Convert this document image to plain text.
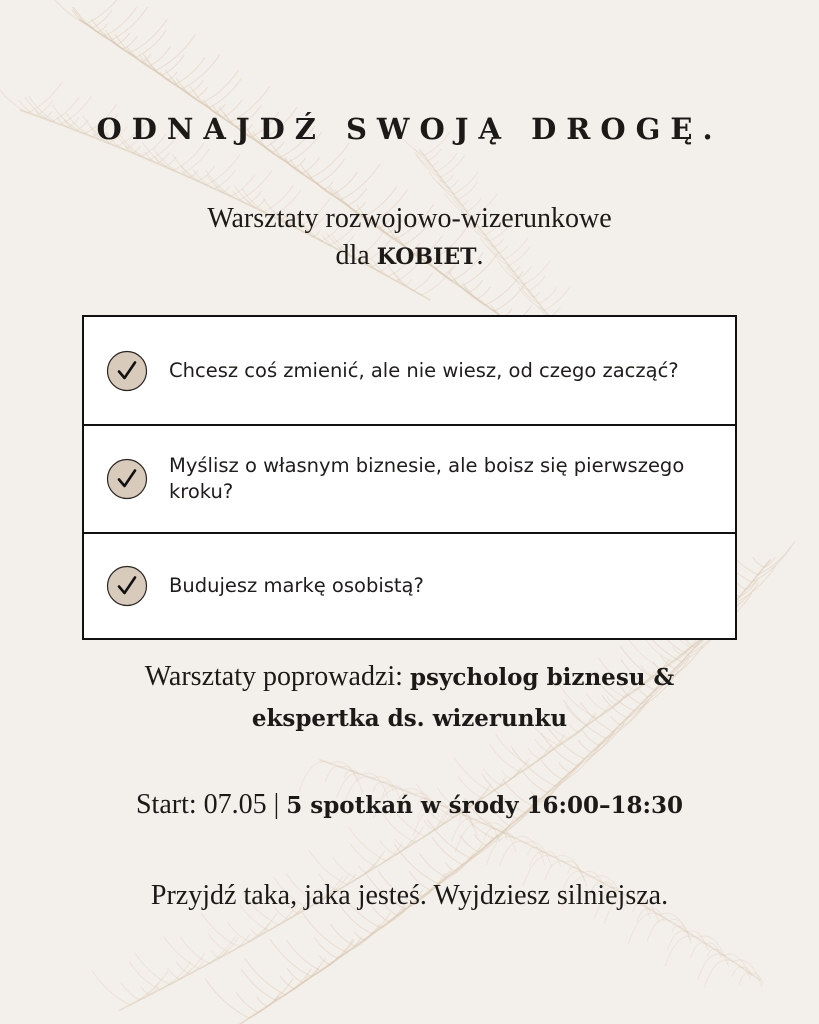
ODNAJDŹ SWOJĄ DROGĘ.
Warsztaty rozwojowo-wizerunkowe
dla KOBIET.
Chcesz coś zmienić, ale nie wiesz, od czego zacząć?
Myślisz o własnym biznesie, ale boisz się pierwszego kroku?
Budujesz markę osobistą?
Warsztaty poprowadzi: psycholog biznesu &
ekspertka ds. wizerunku
Start: 07.05 | 5 spotkań w środy 16:00–18:30
Przyjdź taka, jaka jesteś. Wyjdziesz silniejsza.
